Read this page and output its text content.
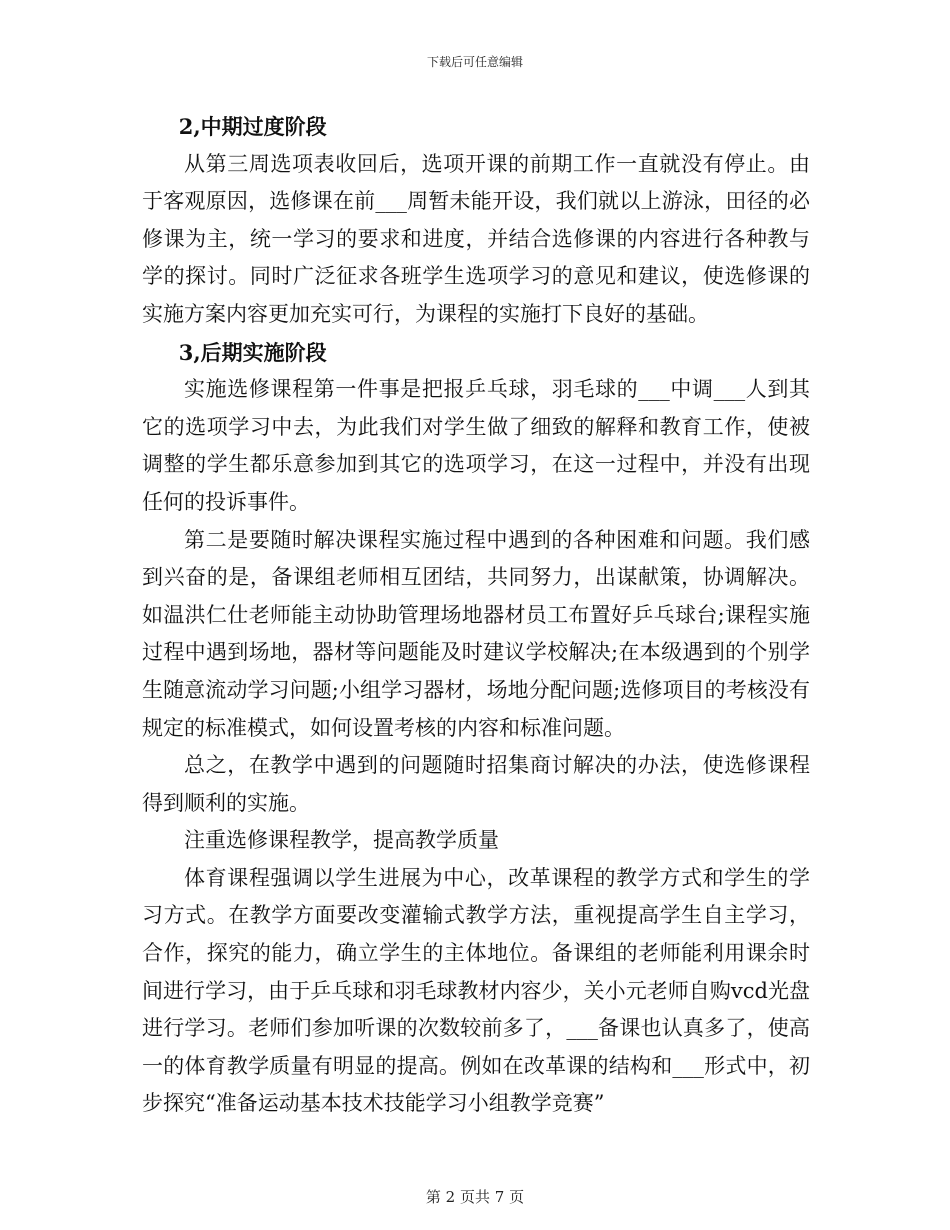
下载后可任意编辑

2,中期过度阶段

从第三周选项表收回后，选项开课的前期工作一直就没有停止。由于客观原因，选修课在前___周暂未能开设，我们就以上游泳，田径的必修课为主，统一学习的要求和进度，并结合选修课的内容进行各种教与学的探讨。同时广泛征求各班学生选项学习的意见和建议，使选修课的实施方案内容更加充实可行，为课程的实施打下良好的基础。

3,后期实施阶段

实施选修课程第一件事是把报乒乓球，羽毛球的___中调___人到其它的选项学习中去，为此我们对学生做了细致的解释和教育工作，使被调整的学生都乐意参加到其它的选项学习，在这一过程中，并没有出现任何的投诉事件。

第二是要随时解决课程实施过程中遇到的各种困难和问题。我们感到兴奋的是，备课组老师相互团结，共同努力，出谋献策，协调解决。如温洪仁仕老师能主动协助管理场地器材员工布置好乒乓球台;课程实施过程中遇到场地，器材等问题能及时建议学校解决;在本级遇到的个别学生随意流动学习问题;小组学习器材，场地分配问题;选修项目的考核没有规定的标准模式，如何设置考核的内容和标准问题。

总之，在教学中遇到的问题随时招集商讨解决的办法，使选修课程得到顺利的实施。

注重选修课程教学，提高教学质量

体育课程强调以学生进展为中心，改革课程的教学方式和学生的学习方式。在教学方面要改变灌输式教学方法，重视提高学生自主学习，合作，探究的能力，确立学生的主体地位。备课组的老师能利用课余时间进行学习，由于乒乓球和羽毛球教材内容少，关小元老师自购vcd光盘进行学习。老师们参加听课的次数较前多了，___备课也认真多了，使高一的体育教学质量有明显的提高。例如在改革课的结构和___形式中，初步探究“准备运动基本技术技能学习小组教学竞赛”

第 2 页共 7 页
